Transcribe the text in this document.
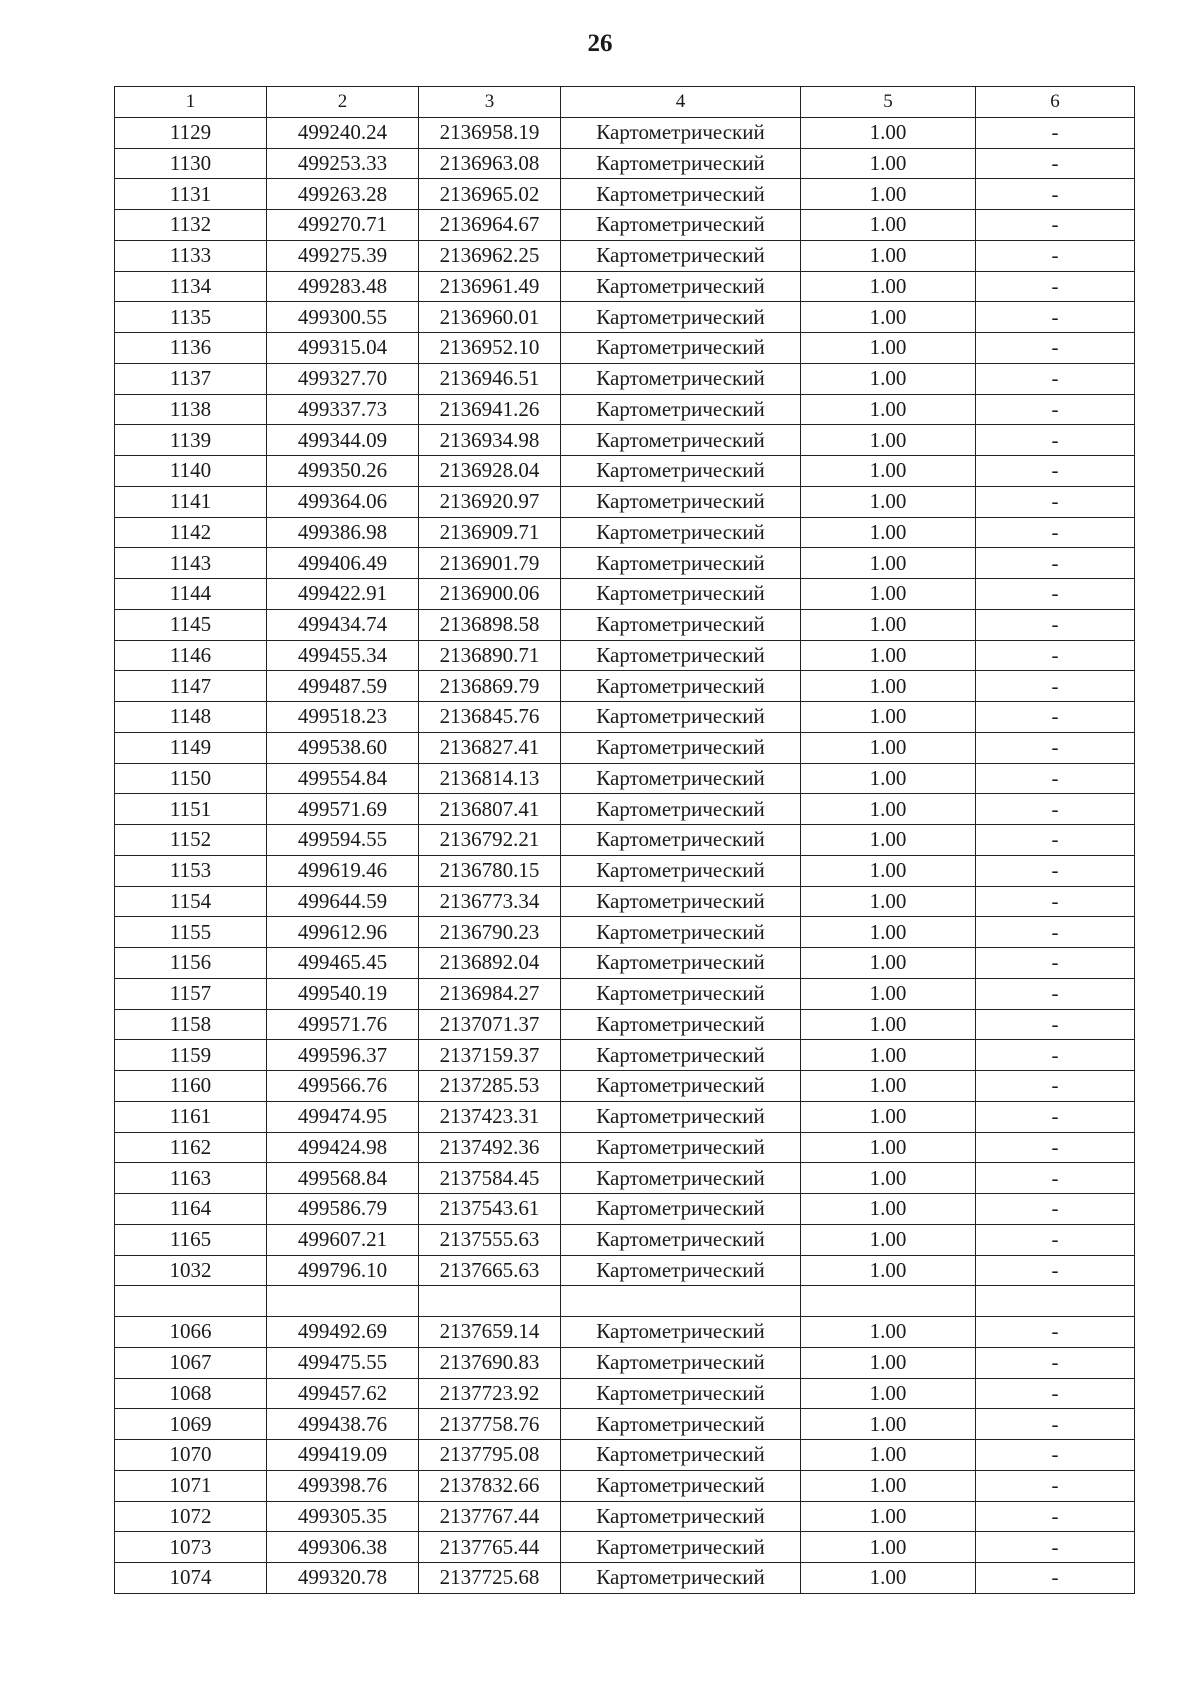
26
1	2	3	4	5	6
1129	499240.24	2136958.19	Картометрический	1.00	-
1130	499253.33	2136963.08	Картометрический	1.00	-
1131	499263.28	2136965.02	Картометрический	1.00	-
1132	499270.71	2136964.67	Картометрический	1.00	-
1133	499275.39	2136962.25	Картометрический	1.00	-
1134	499283.48	2136961.49	Картометрический	1.00	-
1135	499300.55	2136960.01	Картометрический	1.00	-
1136	499315.04	2136952.10	Картометрический	1.00	-
1137	499327.70	2136946.51	Картометрический	1.00	-
1138	499337.73	2136941.26	Картометрический	1.00	-
1139	499344.09	2136934.98	Картометрический	1.00	-
1140	499350.26	2136928.04	Картометрический	1.00	-
1141	499364.06	2136920.97	Картометрический	1.00	-
1142	499386.98	2136909.71	Картометрический	1.00	-
1143	499406.49	2136901.79	Картометрический	1.00	-
1144	499422.91	2136900.06	Картометрический	1.00	-
1145	499434.74	2136898.58	Картометрический	1.00	-
1146	499455.34	2136890.71	Картометрический	1.00	-
1147	499487.59	2136869.79	Картометрический	1.00	-
1148	499518.23	2136845.76	Картометрический	1.00	-
1149	499538.60	2136827.41	Картометрический	1.00	-
1150	499554.84	2136814.13	Картометрический	1.00	-
1151	499571.69	2136807.41	Картометрический	1.00	-
1152	499594.55	2136792.21	Картометрический	1.00	-
1153	499619.46	2136780.15	Картометрический	1.00	-
1154	499644.59	2136773.34	Картометрический	1.00	-
1155	499612.96	2136790.23	Картометрический	1.00	-
1156	499465.45	2136892.04	Картометрический	1.00	-
1157	499540.19	2136984.27	Картометрический	1.00	-
1158	499571.76	2137071.37	Картометрический	1.00	-
1159	499596.37	2137159.37	Картометрический	1.00	-
1160	499566.76	2137285.53	Картометрический	1.00	-
1161	499474.95	2137423.31	Картометрический	1.00	-
1162	499424.98	2137492.36	Картометрический	1.00	-
1163	499568.84	2137584.45	Картометрический	1.00	-
1164	499586.79	2137543.61	Картометрический	1.00	-
1165	499607.21	2137555.63	Картометрический	1.00	-
1032	499796.10	2137665.63	Картометрический	1.00	-

1066	499492.69	2137659.14	Картометрический	1.00	-
1067	499475.55	2137690.83	Картометрический	1.00	-
1068	499457.62	2137723.92	Картометрический	1.00	-
1069	499438.76	2137758.76	Картометрический	1.00	-
1070	499419.09	2137795.08	Картометрический	1.00	-
1071	499398.76	2137832.66	Картометрический	1.00	-
1072	499305.35	2137767.44	Картометрический	1.00	-
1073	499306.38	2137765.44	Картометрический	1.00	-
1074	499320.78	2137725.68	Картометрический	1.00	-
